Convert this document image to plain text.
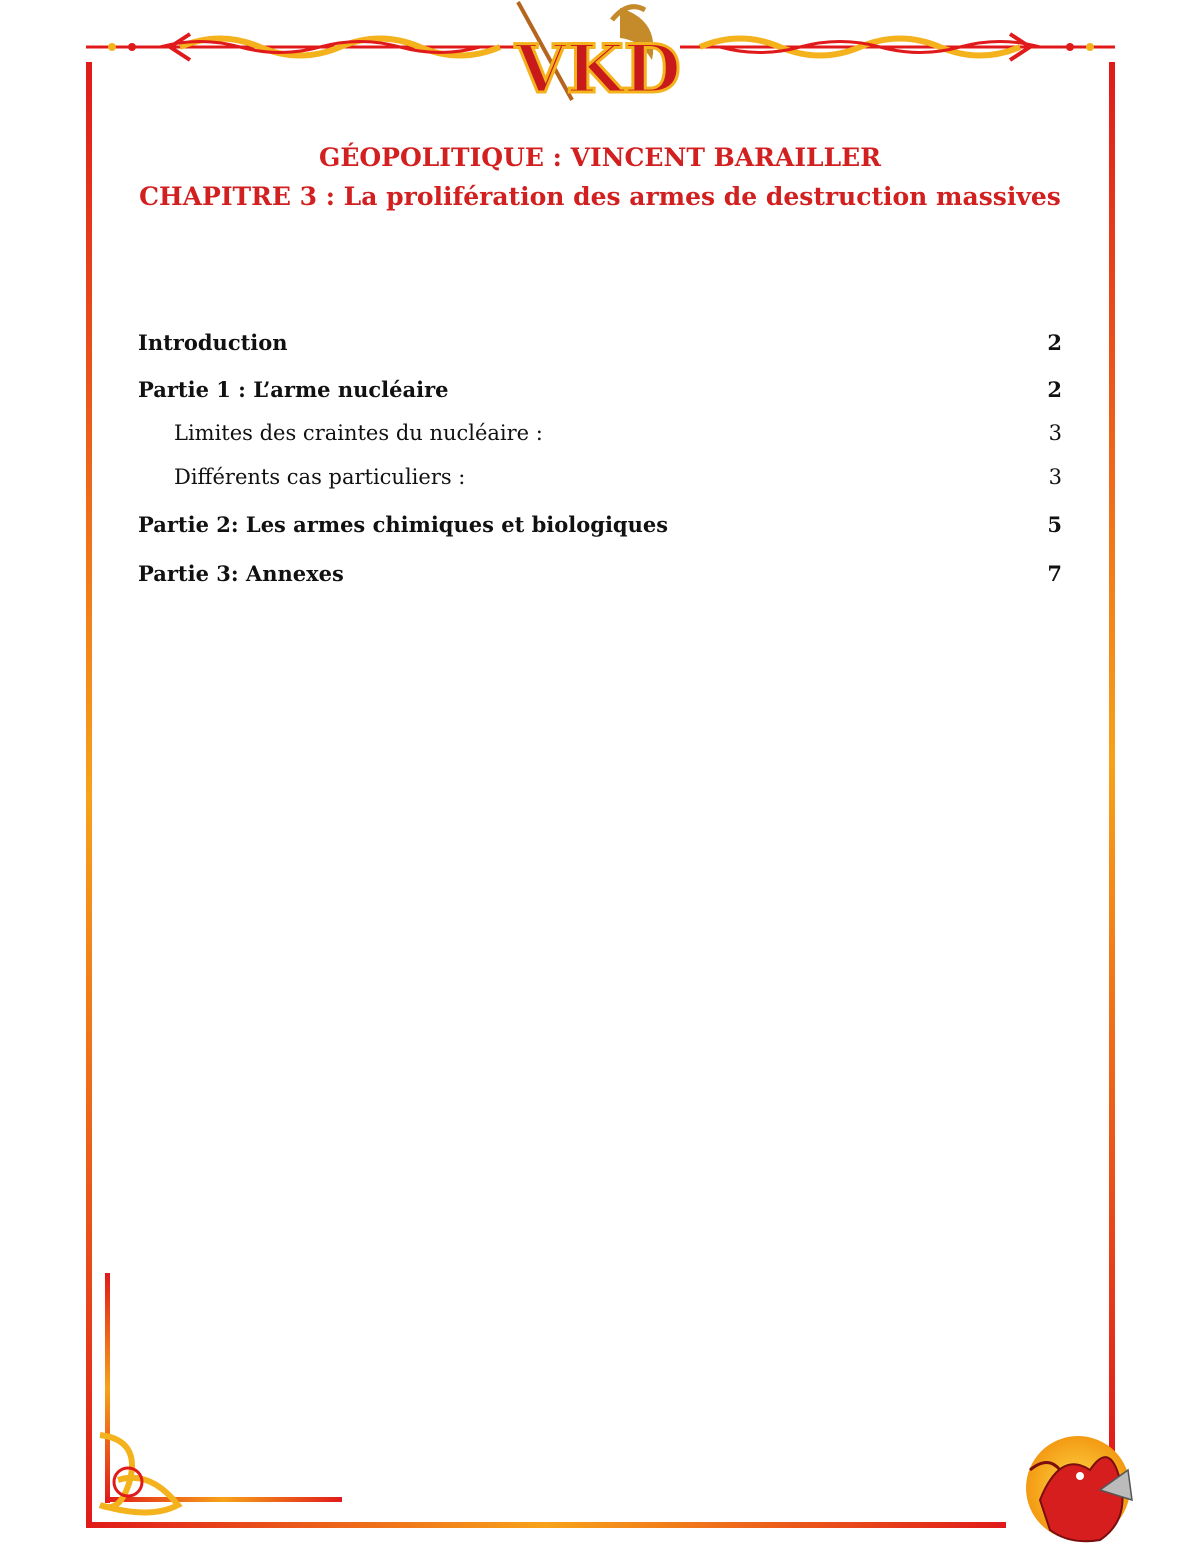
VKD
GÉOPOLITIQUE : VINCENT BARAILLER
CHAPITRE 3 : La prolifération des armes de destruction massives
Introduction	2
Partie 1 : L’arme nucléaire	2
Limites des craintes du nucléaire :	3
Différents cas particuliers :	3
Partie 2: Les armes chimiques et biologiques	5
Partie 3: Annexes	7
